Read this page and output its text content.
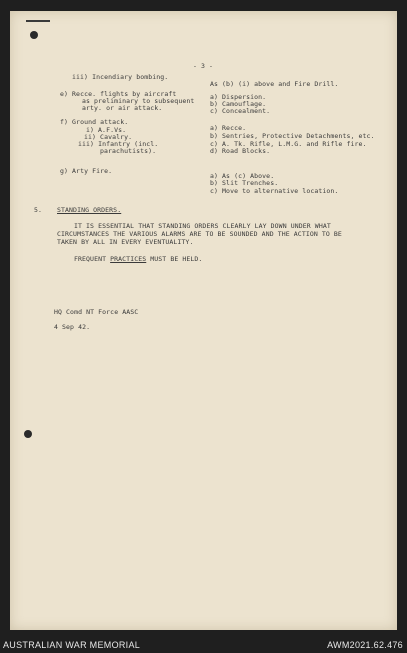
- 3 -
iii) Incendiary bombing.
As (b) (i) above and Fire Drill.
e) Recce. flights by aircraft
as preliminary to subsequent
arty. or air attack.
a) Dispersion.
b) Camouflage.
c) Concealment.
f) Ground attack.
i) A.F.Vs.
ii) Cavalry.
iii) Infantry (incl.
parachutists).
a) Recce.
b) Sentries, Protective Detachments, etc.
c) A. Tk. Rifle, L.M.G. and Rifle fire.
d) Road Blocks.
g) Arty Fire.
a) As (c) Above.
b) Slit Trenches.
c) Move to alternative location.
5. STANDING ORDERS.
IT IS ESSENTIAL THAT STANDING ORDERS CLEARLY LAY DOWN UNDER WHAT
CIRCUMSTANCES THE VARIOUS ALARMS ARE TO BE SOUNDED AND THE ACTION TO BE
TAKEN BY ALL IN EVERY EVENTUALITY.
FREQUENT PRACTICES MUST BE HELD.
HQ Comd NT Force AASC
4 Sep 42.
AUSTRALIAN WAR MEMORIAL	AWM2021.62.476
